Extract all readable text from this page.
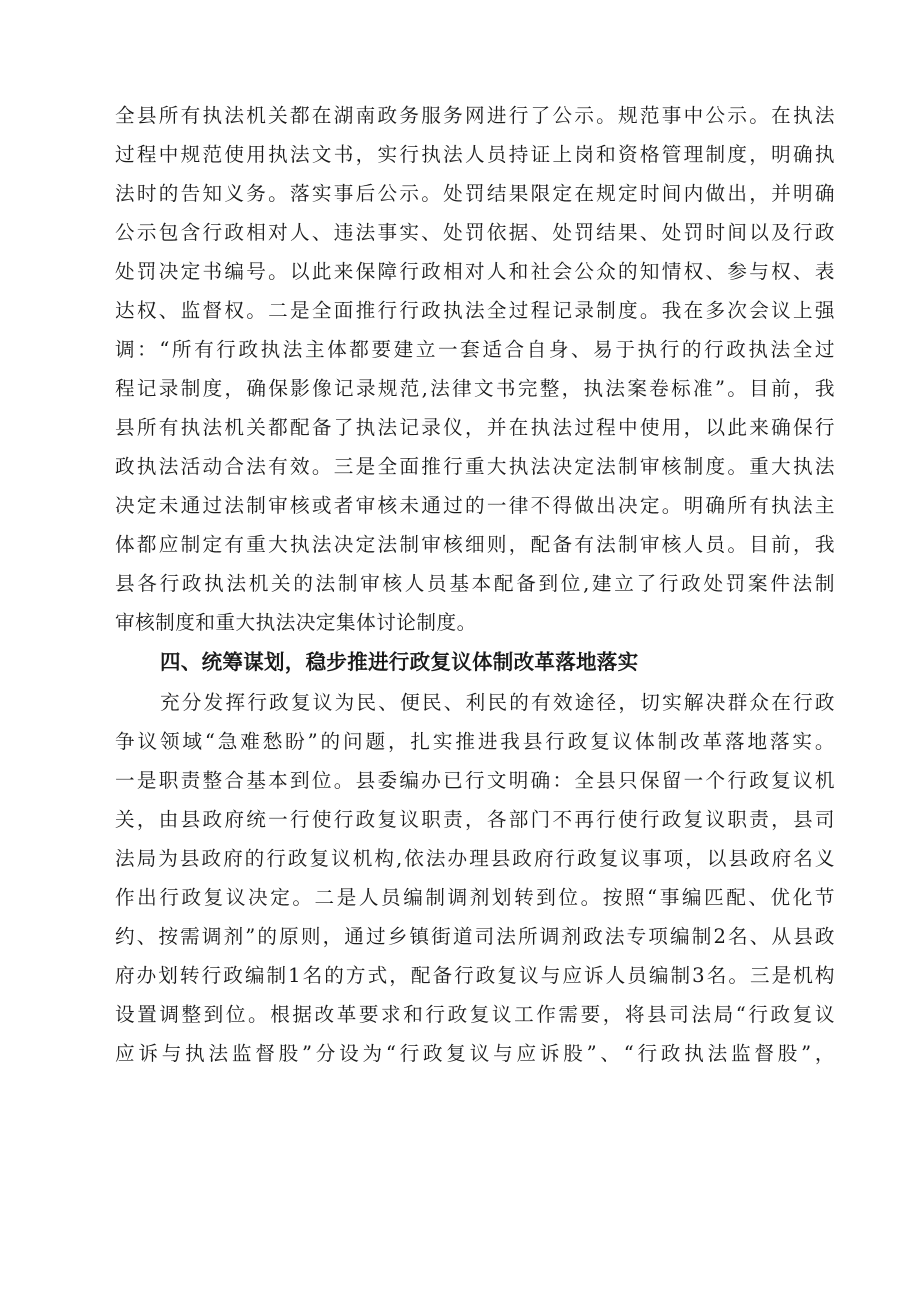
全县所有执法机关都在湖南政务服务网进行了公示。规范事中公示。在执法
过程中规范使用执法文书，实行执法人员持证上岗和资格管理制度，明确执
法时的告知义务。落实事后公示。处罚结果限定在规定时间内做出，并明确
公示包含行政相对人、违法事实、处罚依据、处罚结果、处罚时间以及行政
处罚决定书编号。以此来保障行政相对人和社会公众的知情权、参与权、表
达权、监督权。二是全面推行行政执法全过程记录制度。我在多次会议上强
调：“所有行政执法主体都要建立一套适合自身、易于执行的行政执法全过
程记录制度，确保影像记录规范,法律文书完整，执法案卷标准”。目前，我
县所有执法机关都配备了执法记录仪，并在执法过程中使用，以此来确保行
政执法活动合法有效。三是全面推行重大执法决定法制审核制度。重大执法
决定未通过法制审核或者审核未通过的一律不得做出决定。明确所有执法主
体都应制定有重大执法决定法制审核细则，配备有法制审核人员。目前，我
县各行政执法机关的法制审核人员基本配备到位,建立了行政处罚案件法制
审核制度和重大执法决定集体讨论制度。
四、统筹谋划，稳步推进行政复议体制改革落地落实
充分发挥行政复议为民、便民、利民的有效途径，切实解决群众在行政
争议领域“急难愁盼”的问题，扎实推进我县行政复议体制改革落地落实。
一是职责整合基本到位。县委编办已行文明确：全县只保留一个行政复议机
关，由县政府统一行使行政复议职责，各部门不再行使行政复议职责，县司
法局为县政府的行政复议机构,依法办理县政府行政复议事项，以县政府名义
作出行政复议决定。二是人员编制调剂划转到位。按照“事编匹配、优化节
约、按需调剂”的原则，通过乡镇街道司法所调剂政法专项编制2名、从县政
府办划转行政编制1名的方式，配备行政复议与应诉人员编制3名。三是机构
设置调整到位。根据改革要求和行政复议工作需要，将县司法局“行政复议
应诉与执法监督股”分设为“行政复议与应诉股”、“行政执法监督股”，
